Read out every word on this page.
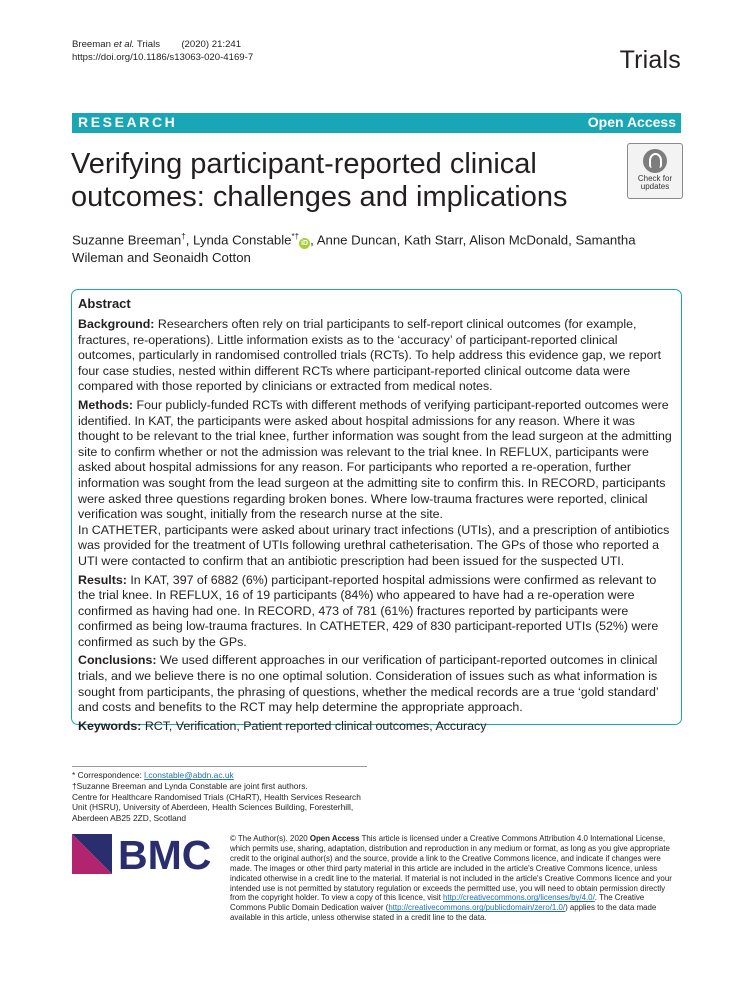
Breeman et al. Trials (2020) 21:241
https://doi.org/10.1186/s13063-020-4169-7	Trials
RESEARCH	Open Access
Verifying participant-reported clinical outcomes: challenges and implications
Check for
updates
Suzanne Breeman†, Lynda Constable*†iD , Anne Duncan, Kath Starr, Alison McDonald, Samantha Wileman and Seonaidh Cotton
Abstract

Background: Researchers often rely on trial participants to self-report clinical outcomes (for example, fractures, re-operations). Little information exists as to the ‘accuracy’ of participant-reported clinical outcomes, particularly in randomised controlled trials (RCTs). To help address this evidence gap, we report four case studies, nested within different RCTs where participant-reported clinical outcome data were compared with those reported by clinicians or extracted from medical notes.

Methods: Four publicly-funded RCTs with different methods of verifying participant-reported outcomes were identified. In KAT, the participants were asked about hospital admissions for any reason. Where it was thought to be relevant to the trial knee, further information was sought from the lead surgeon at the admitting site to confirm whether or not the admission was relevant to the trial knee. In REFLUX, participants were asked about hospital admissions for any reason. For participants who reported a re-operation, further information was sought from the lead surgeon at the admitting site to confirm this. In RECORD, participants were asked three questions regarding broken bones. Where low-trauma fractures were reported, clinical verification was sought, initially from the research nurse at the site.

In CATHETER, participants were asked about urinary tract infections (UTIs), and a prescription of antibiotics was provided for the treatment of UTIs following urethral catheterisation. The GPs of those who reported a UTI were contacted to confirm that an antibiotic prescription had been issued for the suspected UTI.

Results: In KAT, 397 of 6882 (6%) participant-reported hospital admissions were confirmed as relevant to the trial knee. In REFLUX, 16 of 19 participants (84%) who appeared to have had a re-operation were confirmed as having had one. In RECORD, 473 of 781 (61%) fractures reported by participants were confirmed as being low-trauma fractures. In CATHETER, 429 of 830 participant-reported UTIs (52%) were confirmed as such by the GPs.

Conclusions: We used different approaches in our verification of participant-reported outcomes in clinical trials, and we believe there is no one optimal solution. Consideration of issues such as what information is sought from participants, the phrasing of questions, whether the medical records are a true ‘gold standard’ and costs and benefits to the RCT may help determine the appropriate approach.

Keywords: RCT, Verification, Patient reported clinical outcomes, Accuracy

* Correspondence: l.constable@abdn.ac.uk
†Suzanne Breeman and Lynda Constable are joint first authors.
Centre for Healthcare Randomised Trials (CHaRT), Health Services Research Unit (HSRU), University of Aberdeen, Health Sciences Building, Foresterhill, Aberdeen AB25 2ZD, Scotland
BMC © The Author(s). 2020 Open Access This article is licensed under a Creative Commons Attribution 4.0 International License, which permits use, sharing, adaptation, distribution and reproduction in any medium or format, as long as you give appropriate credit to the original author(s) and the source, provide a link to the Creative Commons licence, and indicate if changes were made. The images or other third party material in this article are included in the article's Creative Commons licence, unless indicated otherwise in a credit line to the material. If material is not included in the article's Creative Commons licence and your intended use is not permitted by statutory regulation or exceeds the permitted use, you will need to obtain permission directly from the copyright holder. To view a copy of this licence, visit http://creativecommons.org/licenses/by/4.0/. The Creative Commons Public Domain Dedication waiver (http://creativecommons.org/publicdomain/zero/1.0/) applies to the data made available in this article, unless otherwise stated in a credit line to the data.
